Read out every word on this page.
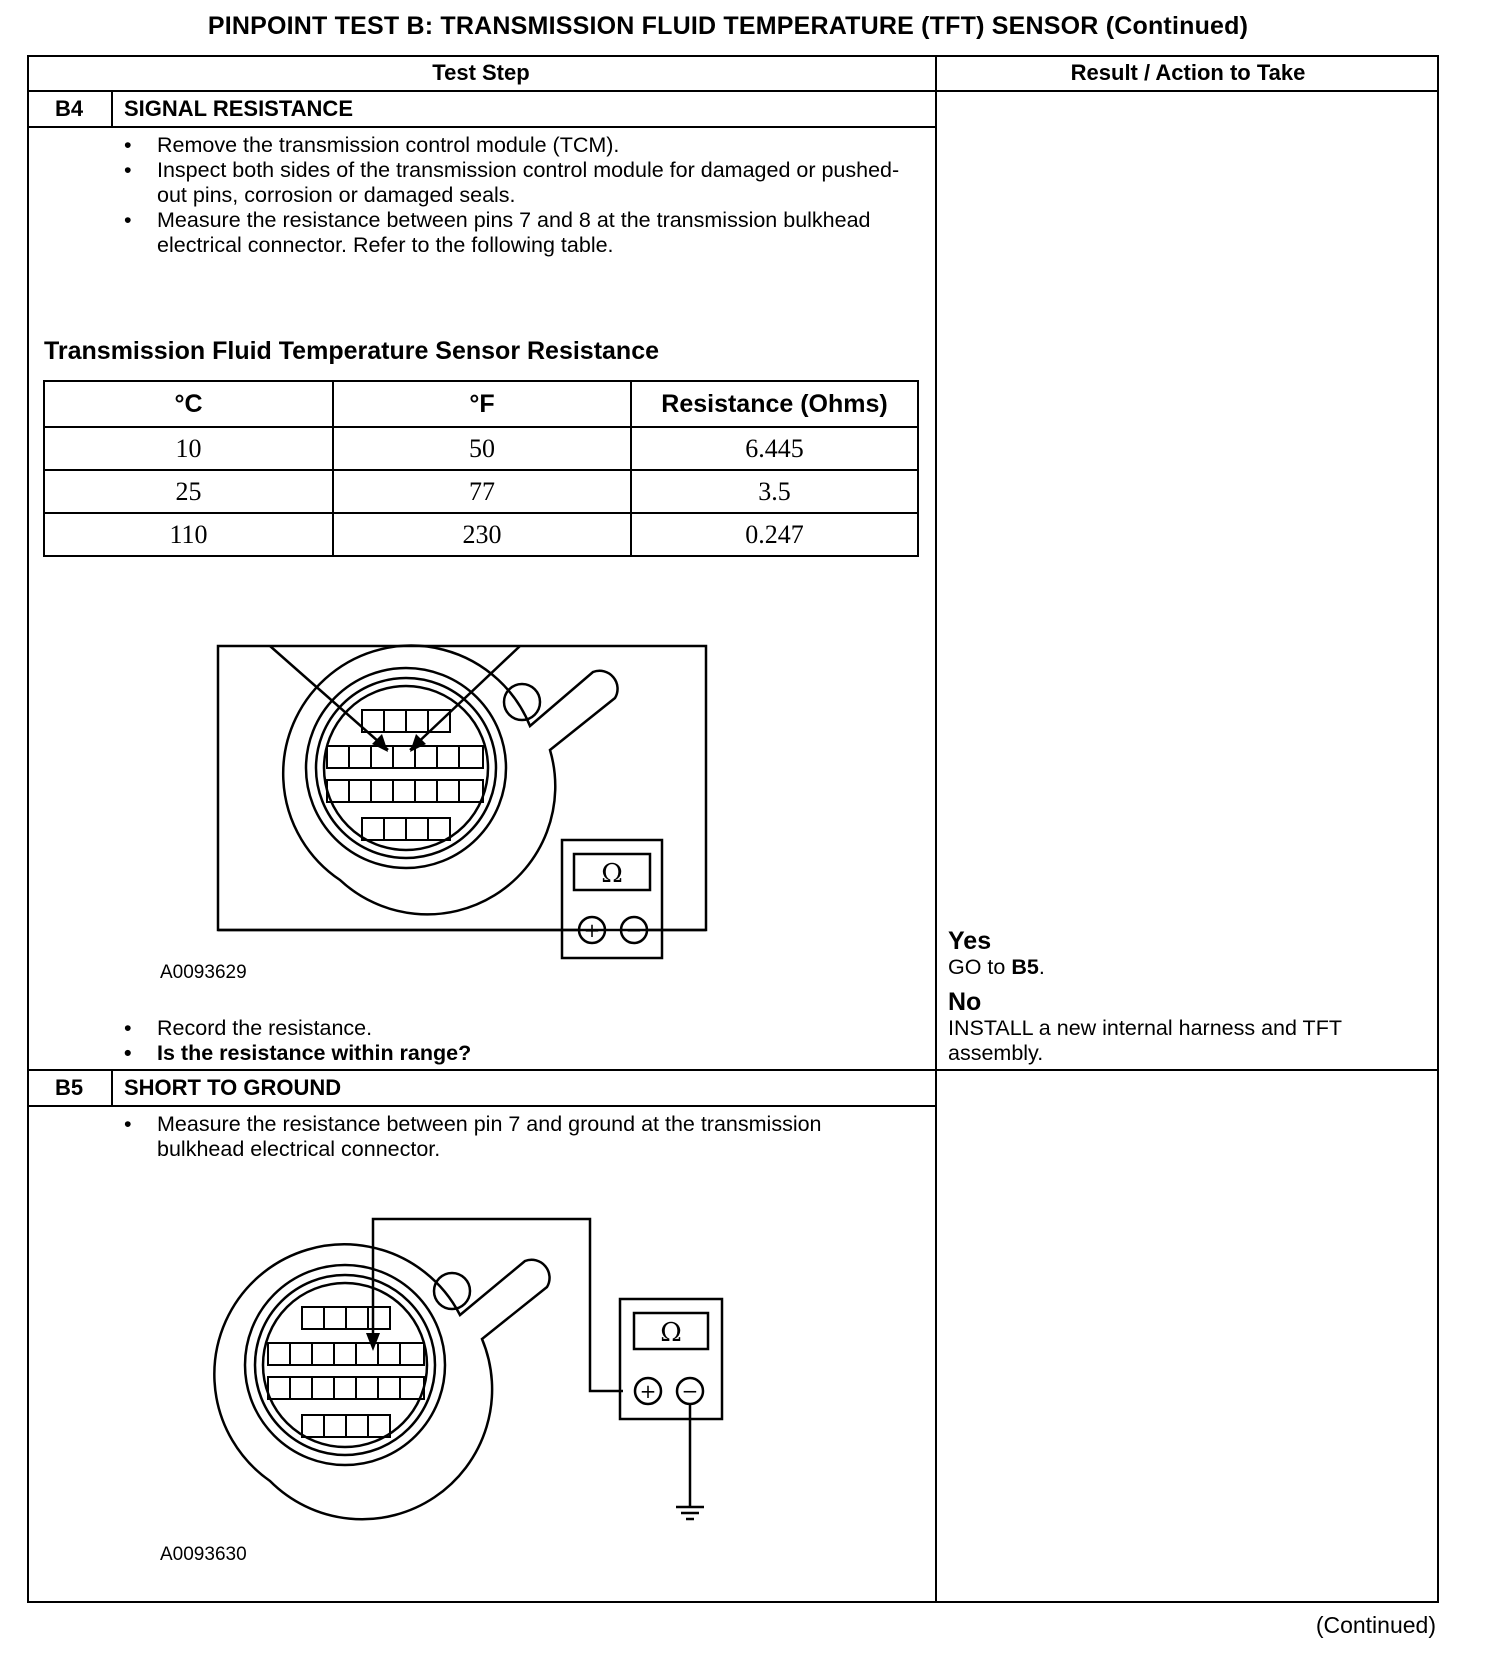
PINPOINT TEST B: TRANSMISSION FLUID TEMPERATURE (TFT) SENSOR (Continued)
Test Step	Result / Action to Take
B4	SIGNAL RESISTANCE
• Remove the transmission control module (TCM).
• Inspect both sides of the transmission control module for damaged or pushed-out pins, corrosion or damaged seals.
• Measure the resistance between pins 7 and 8 at the transmission bulkhead electrical connector. Refer to the following table.
Transmission Fluid Temperature Sensor Resistance
°C	°F	Resistance (Ohms)
10	50	6.445
25	77	3.5
110	230	0.247
Ω
+ −
A0093629
• Record the resistance.
• Is the resistance within range?
Yes
GO to B5.
No
INSTALL a new internal harness and TFT assembly.
B5	SHORT TO GROUND
• Measure the resistance between pin 7 and ground at the transmission bulkhead electrical connector.
Ω
+ −
A0093630
(Continued)
